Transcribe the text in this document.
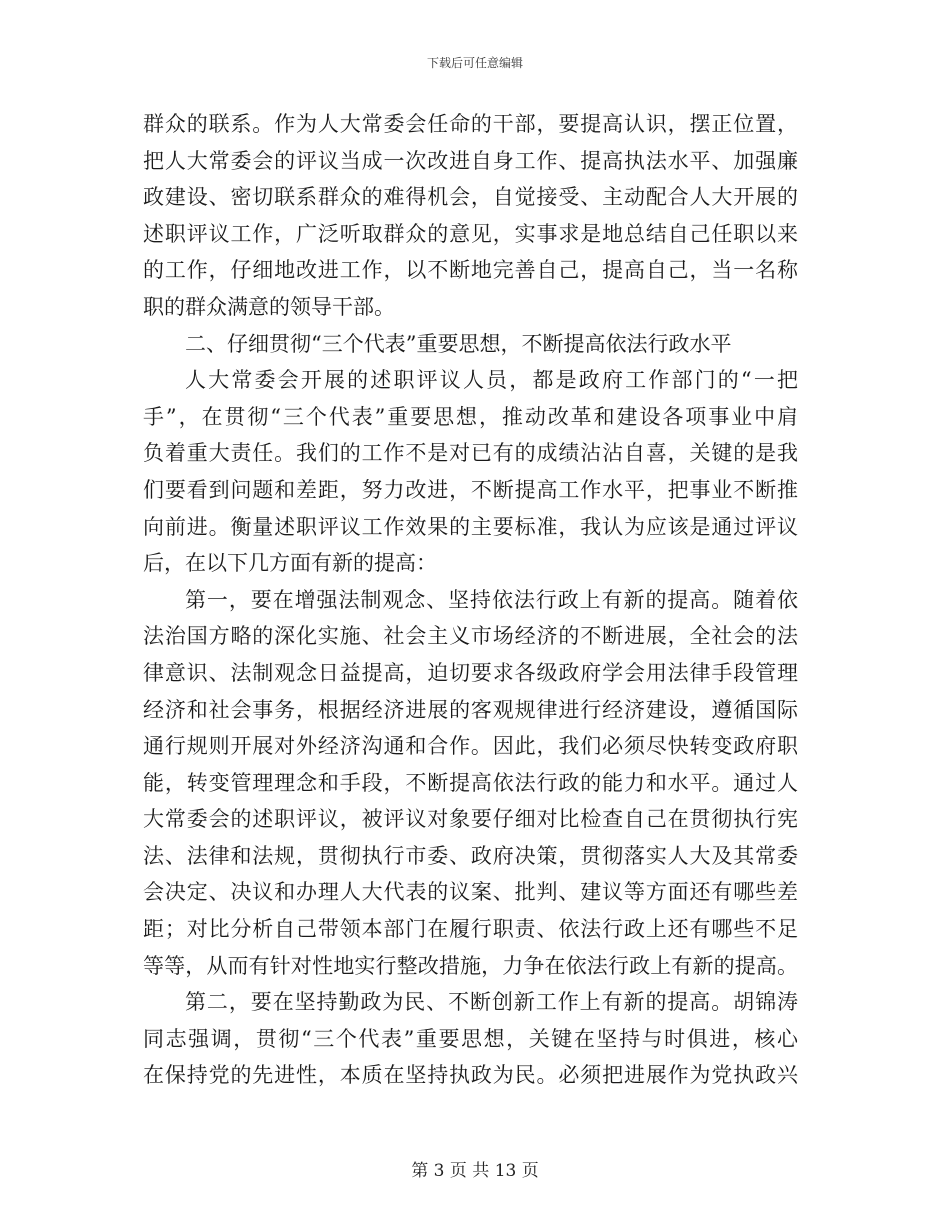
下载后可任意编辑
群众的联系。作为人大常委会任命的干部，要提高认识，摆正位置，
把人大常委会的评议当成一次改进自身工作、提高执法水平、加强廉
政建设、密切联系群众的难得机会，自觉接受、主动配合人大开展的
述职评议工作，广泛听取群众的意见，实事求是地总结自己任职以来
的工作，仔细地改进工作，以不断地完善自己，提高自己，当一名称
职的群众满意的领导干部。
二、仔细贯彻“三个代表”重要思想，不断提高依法行政水平
人大常委会开展的述职评议人员，都是政府工作部门的“一把
手”，在贯彻“三个代表”重要思想，推动改革和建设各项事业中肩
负着重大责任。我们的工作不是对已有的成绩沾沾自喜，关键的是我
们要看到问题和差距，努力改进，不断提高工作水平，把事业不断推
向前进。衡量述职评议工作效果的主要标准，我认为应该是通过评议
后，在以下几方面有新的提高：
第一，要在增强法制观念、坚持依法行政上有新的提高。随着依
法治国方略的深化实施、社会主义市场经济的不断进展，全社会的法
律意识、法制观念日益提高，迫切要求各级政府学会用法律手段管理
经济和社会事务，根据经济进展的客观规律进行经济建设，遵循国际
通行规则开展对外经济沟通和合作。因此，我们必须尽快转变政府职
能，转变管理理念和手段，不断提高依法行政的能力和水平。通过人
大常委会的述职评议，被评议对象要仔细对比检查自己在贯彻执行宪
法、法律和法规，贯彻执行市委、政府决策，贯彻落实人大及其常委
会决定、决议和办理人大代表的议案、批判、建议等方面还有哪些差
距；对比分析自己带领本部门在履行职责、依法行政上还有哪些不足
等等，从而有针对性地实行整改措施，力争在依法行政上有新的提高。
第二，要在坚持勤政为民、不断创新工作上有新的提高。胡锦涛
同志强调，贯彻“三个代表”重要思想，关键在坚持与时俱进，核心
在保持党的先进性，本质在坚持执政为民。必须把进展作为党执政兴
第 3 页 共 13 页
